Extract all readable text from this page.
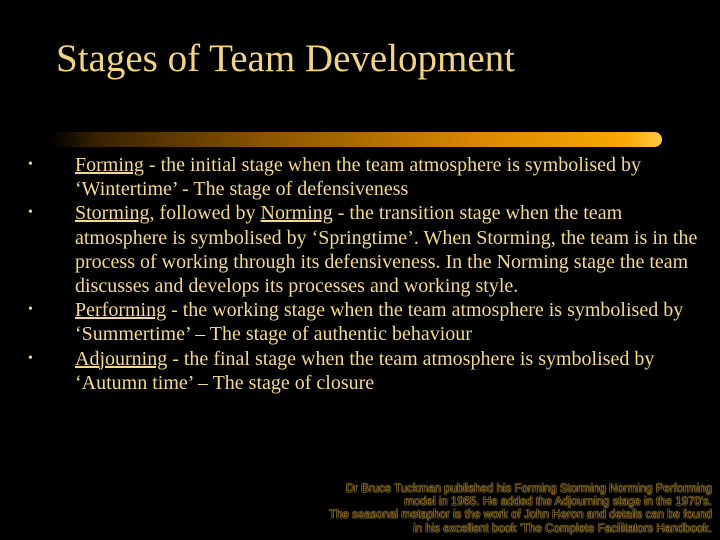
Stages of Team Development
• Forming - the initial stage when the team atmosphere is symbolised by ‘Wintertime’ - The stage of defensiveness
• Storming, followed by Norming - the transition stage when the team atmosphere is symbolised by ‘Springtime’. When Storming, the team is in the process of working through its defensiveness. In the Norming stage the team discusses and develops its processes and working style.
• Performing - the working stage when the team atmosphere is symbolised by ‘Summertime’ – The stage of authentic behaviour
• Adjourning - the final stage when the team atmosphere is symbolised by ‘Autumn time’ – The stage of closure
Dr Bruce Tuckman published his Forming Storming Norming Performing
model in 1965. He added the Adjourning stage in the 1970's.
The seasonal metaphor is the work of John Heron and details can be found
in his excellent book 'The Complete Facilitators Handbook.
